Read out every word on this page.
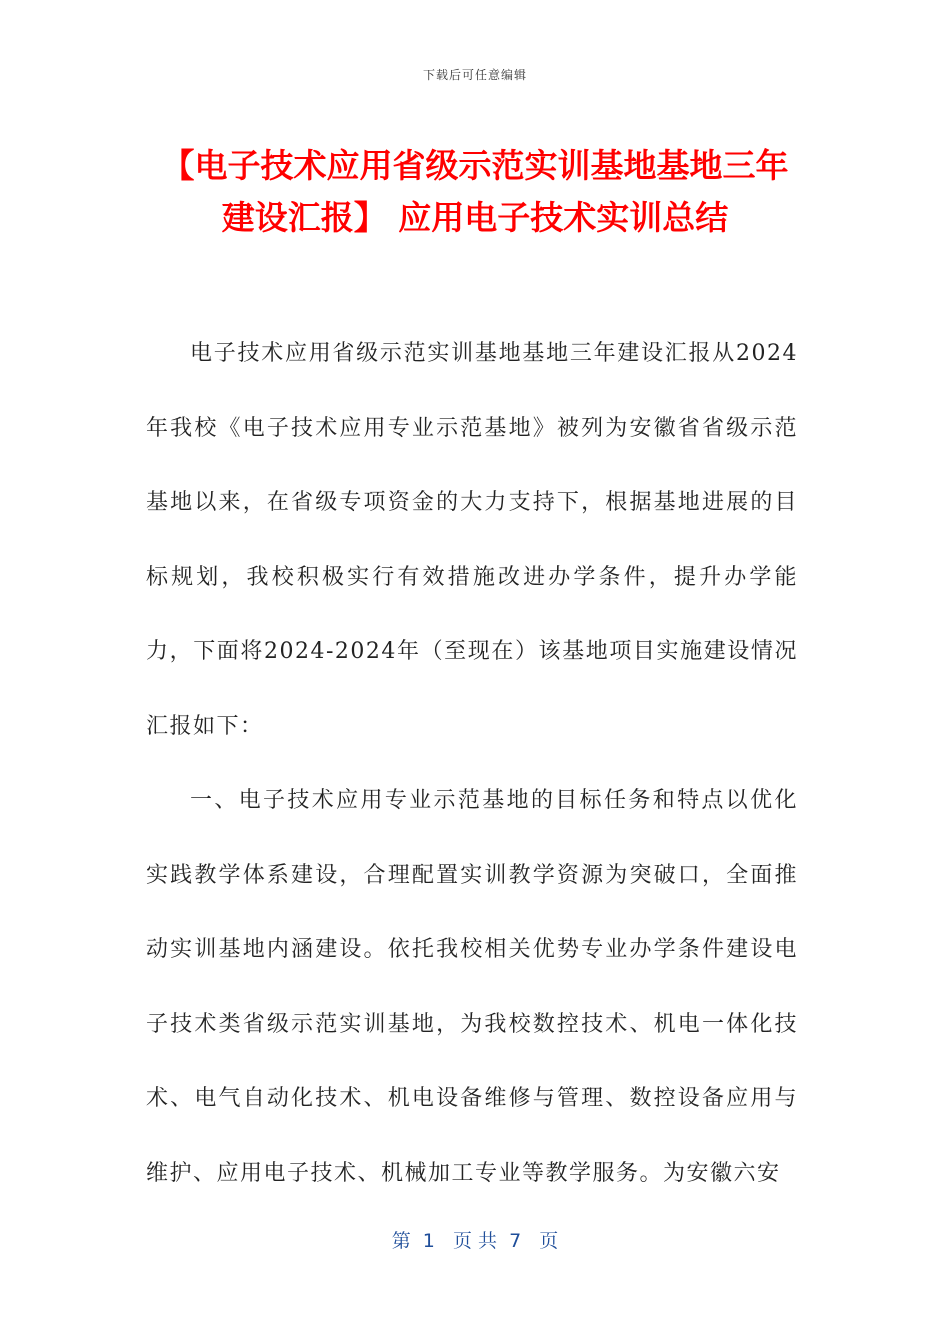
下载后可任意编辑
【电子技术应用省级示范实训基地基地三年
建设汇报】 应用电子技术实训总结

电子技术应用省级示范实训基地基地三年建设汇报从2024年我校《电子技术应用专业示范基地》被列为安徽省省级示范基地以来，在省级专项资金的大力支持下，根据基地进展的目标规划，我校积极实行有效措施改进办学条件，提升办学能力，下面将2024-2024年（至现在）该基地项目实施建设情况汇报如下：

一、电子技术应用专业示范基地的目标任务和特点以优化实践教学体系建设，合理配置实训教学资源为突破口，全面推动实训基地内涵建设。依托我校相关优势专业办学条件建设电子技术类省级示范实训基地，为我校数控技术、机电一体化技术、电气自动化技术、机电设备维修与管理、数控设备应用与维护、应用电子技术、机械加工专业等教学服务。为安徽六安

第  1   页 共  7   页
